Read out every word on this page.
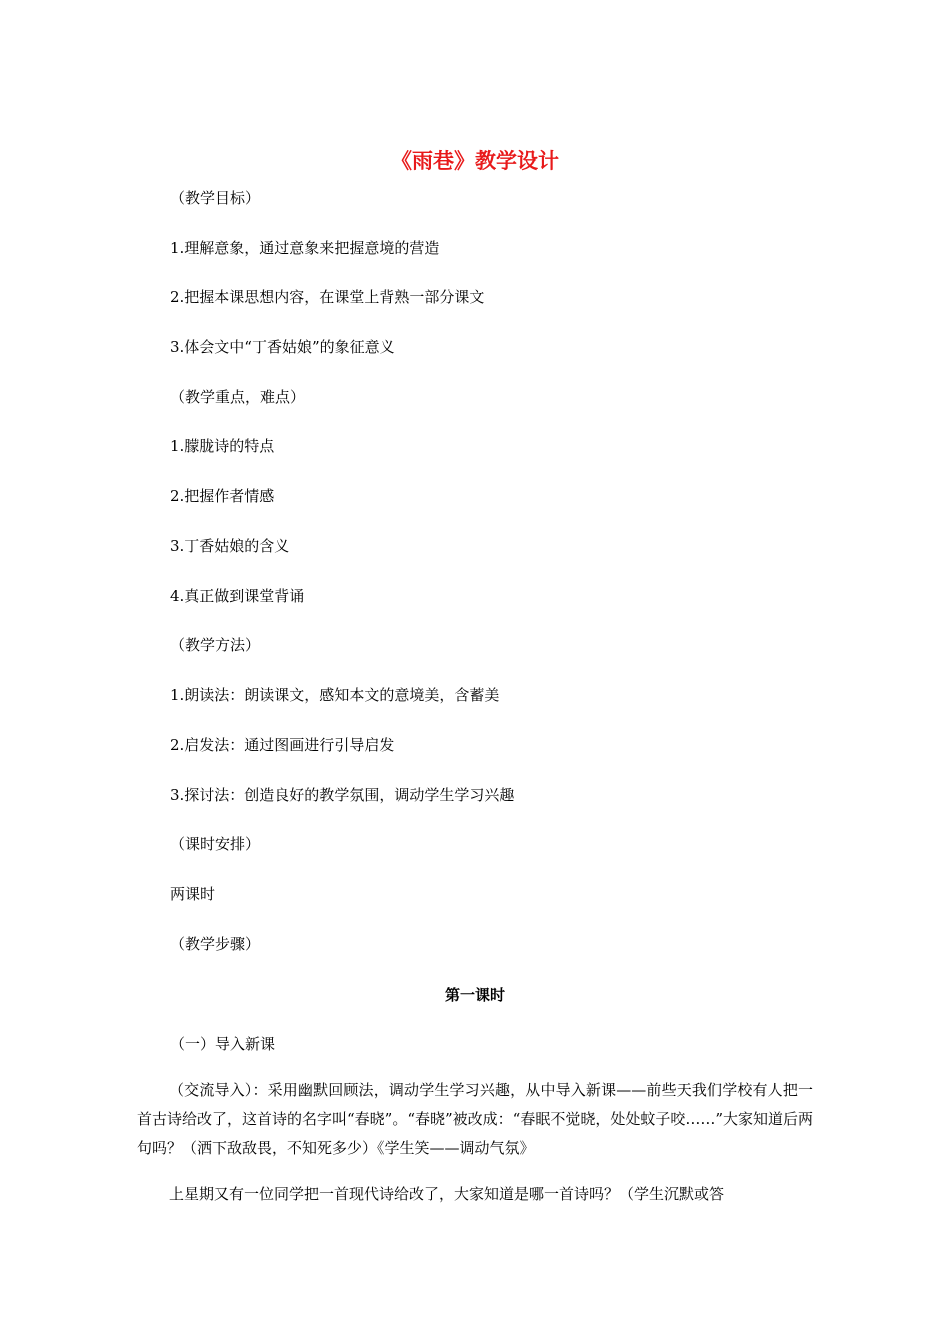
《雨巷》教学设计
（教学目标）
1.理解意象，通过意象来把握意境的营造
2.把握本课思想内容，在课堂上背熟一部分课文
3.体会文中“丁香姑娘”的象征意义
（教学重点，难点）
1.朦胧诗的特点
2.把握作者情感
3.丁香姑娘的含义
4.真正做到课堂背诵
（教学方法）
1.朗读法：朗读课文，感知本文的意境美，含蓄美
2.启发法：通过图画进行引导启发
3.探讨法：创造良好的教学氛围，调动学生学习兴趣
（课时安排）
两课时
（教学步骤）
第一课时
（一）导入新课
（交流导入）：采用幽默回顾法，调动学生学习兴趣，从中导入新课——前些天我们学校有人把一首古诗给改了，这首诗的名字叫“春晓”。“春晓”被改成：“春眠不觉晓，处处蚊子咬……”大家知道后两句吗？（洒下敌敌畏，不知死多少）《学生笑——调动气氛》
上星期又有一位同学把一首现代诗给改了，大家知道是哪一首诗吗？（学生沉默或答
